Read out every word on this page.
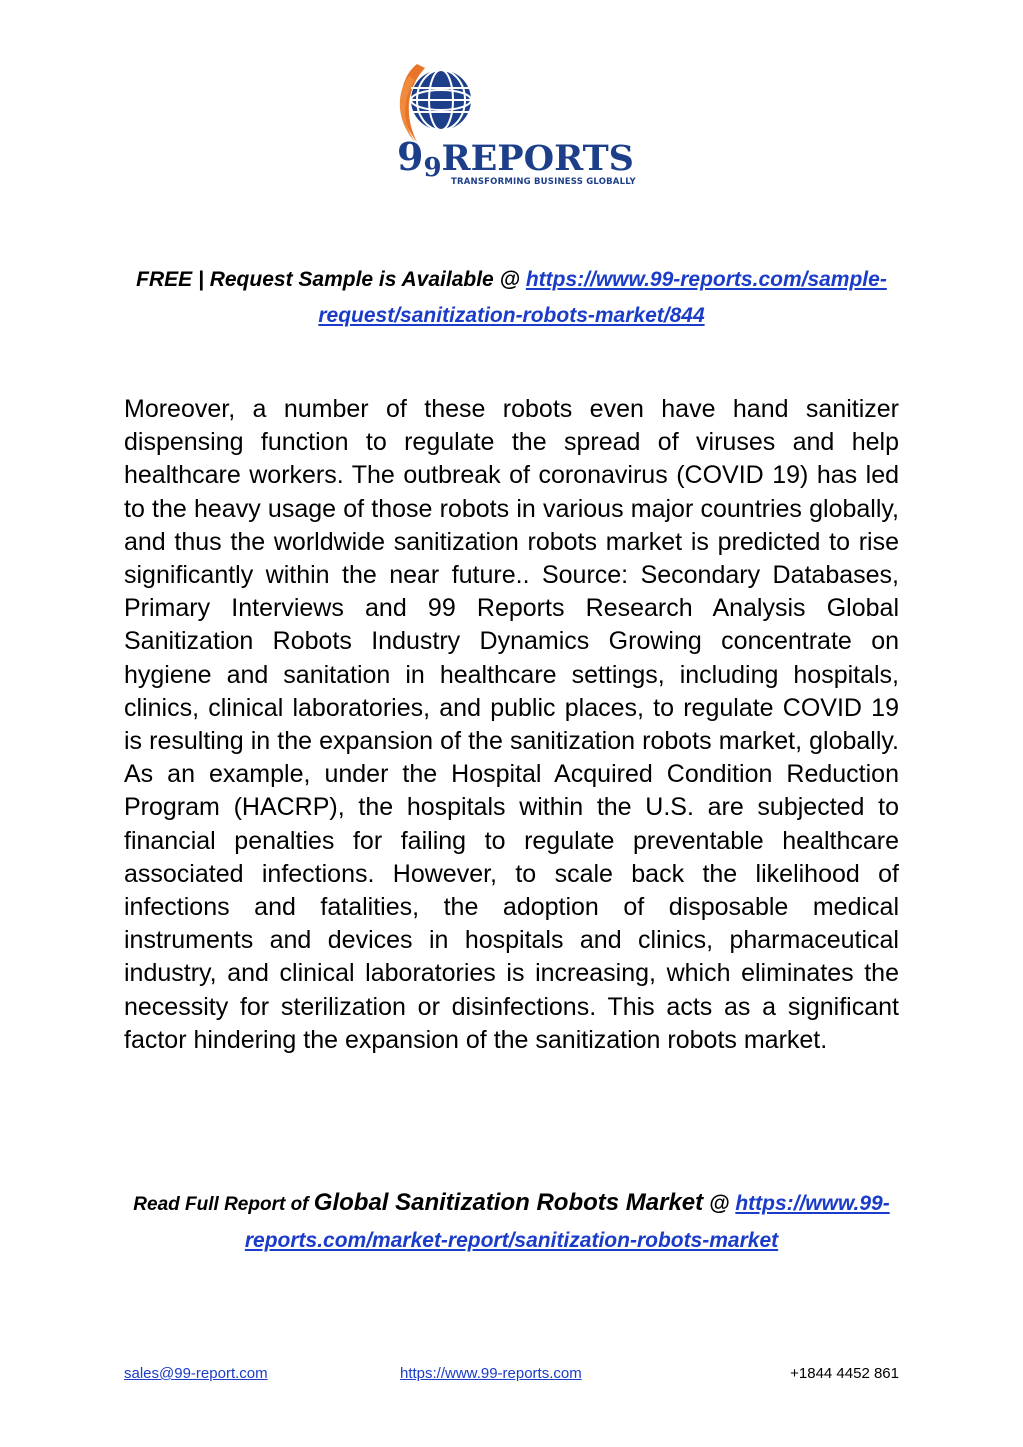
99REPORTS
TRANSFORMING BUSINESS GLOBALLY
FREE | Request Sample is Available @ https://www.99-reports.com/sample-request/sanitization-robots-market/844
Moreover, a number of these robots even have hand sanitizer dispensing function to regulate the spread of viruses and help healthcare workers. The outbreak of coronavirus (COVID 19) has led to the heavy usage of those robots in various major countries globally, and thus the worldwide sanitization robots market is predicted to rise significantly within the near future.. Source: Secondary Databases, Primary Interviews and 99 Reports Research Analysis Global Sanitization Robots Industry Dynamics Growing concentrate on hygiene and sanitation in healthcare settings, including hospitals, clinics, clinical laboratories, and public places, to regulate COVID 19 is resulting in the expansion of the sanitization robots market, globally. As an example, under the Hospital Acquired Condition Reduction Program (HACRP), the hospitals within the U.S. are subjected to financial penalties for failing to regulate preventable healthcare associated infections. However, to scale back the likelihood of infections and fatalities, the adoption of disposable medical instruments and devices in hospitals and clinics, pharmaceutical industry, and clinical laboratories is increasing, which eliminates the necessity for sterilization or disinfections. This acts as a significant factor hindering the expansion of the sanitization robots market.
Read Full Report of Global Sanitization Robots Market @ https://www.99-reports.com/market-report/sanitization-robots-market
sales@99-report.com	https://www.99-reports.com	+1844 4452 861
